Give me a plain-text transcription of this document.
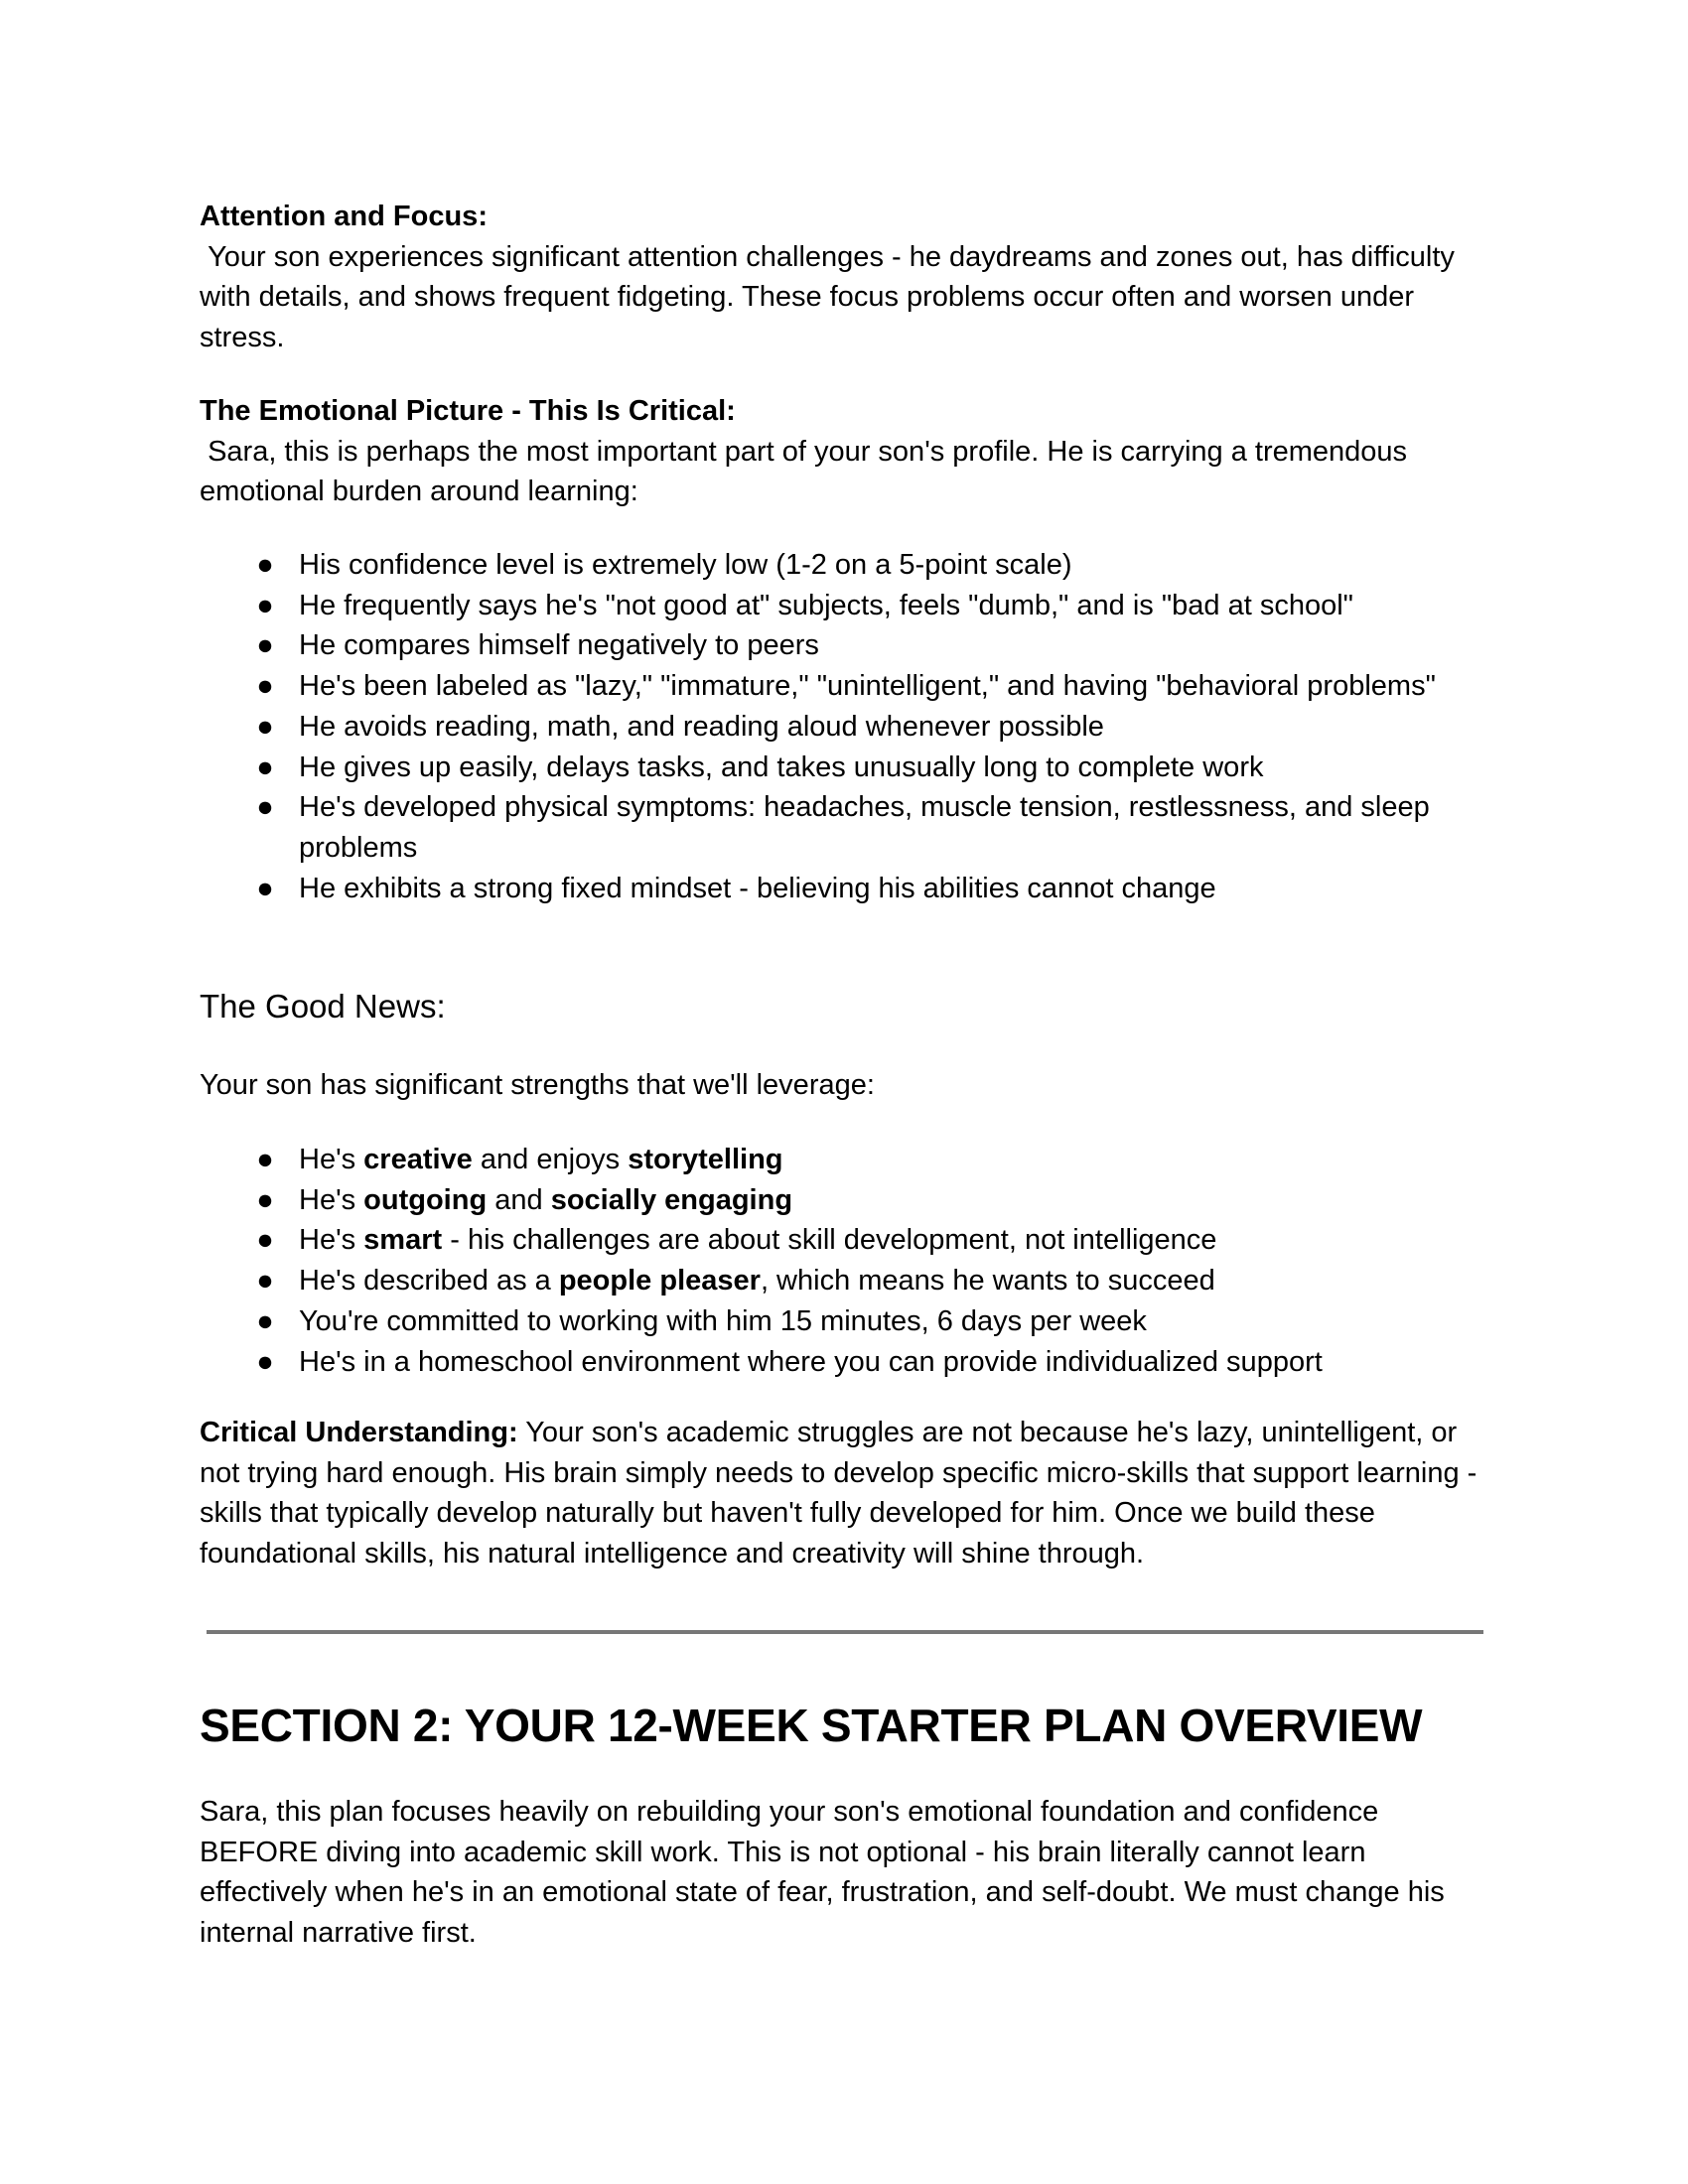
Attention and Focus:

Your son experiences significant attention challenges - he daydreams and zones out, has difficulty with details, and shows frequent fidgeting. These focus problems occur often and worsen under stress.

The Emotional Picture - This Is Critical:

Sara, this is perhaps the most important part of your son's profile. He is carrying a tremendous emotional burden around learning:

● His confidence level is extremely low (1-2 on a 5-point scale)
● He frequently says he's "not good at" subjects, feels "dumb," and is "bad at school"
● He compares himself negatively to peers
● He's been labeled as "lazy," "immature," "unintelligent," and having "behavioral problems"
● He avoids reading, math, and reading aloud whenever possible
● He gives up easily, delays tasks, and takes unusually long to complete work
● He's developed physical symptoms: headaches, muscle tension, restlessness, and sleep problems
● He exhibits a strong fixed mindset - believing his abilities cannot change
The Good News:

Your son has significant strengths that we'll leverage:

● He's creative and enjoys storytelling
● He's outgoing and socially engaging
● He's smart - his challenges are about skill development, not intelligence
● He's described as a people pleaser, which means he wants to succeed
● You're committed to working with him 15 minutes, 6 days per week
● He's in a homeschool environment where you can provide individualized support

Critical Understanding: Your son's academic struggles are not because he's lazy, unintelligent, or not trying hard enough. His brain simply needs to develop specific micro-skills that support learning - skills that typically develop naturally but haven't fully developed for him. Once we build these foundational skills, his natural intelligence and creativity will shine through.

SECTION 2: YOUR 12-WEEK STARTER PLAN OVERVIEW

Sara, this plan focuses heavily on rebuilding your son's emotional foundation and confidence BEFORE diving into academic skill work. This is not optional - his brain literally cannot learn effectively when he's in an emotional state of fear, frustration, and self-doubt. We must change his internal narrative first.
